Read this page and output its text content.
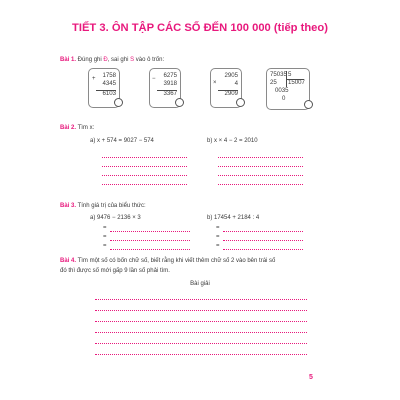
TIẾT 3. ÔN TẬP CÁC SỐ ĐẾN 100 000 (tiếp theo)
Bài 1. Đúng ghi Đ, sai ghi S vào ô trốn:
1758
4345
6103
+	6275
3918
3367
−	2905
4
2909
×
75035
25
0035
0
5
15007
Bài 2. Tìm x:
a) x + 574 = 9027 − 574	b) x × 4 − 2 = 2010
Bài 3. Tính giá trị của biểu thức:
a) 9476 − 2136 × 3	b) 17454 + 2184 : 4
=
=
=
=
=
=
Bài 4. Tìm một số có bốn chữ số, biết rằng khi viết thêm chữ số 2 vào bên trái số
đó thì được số mới gấp 9 lần số phải tìm.
Bài giải
5
